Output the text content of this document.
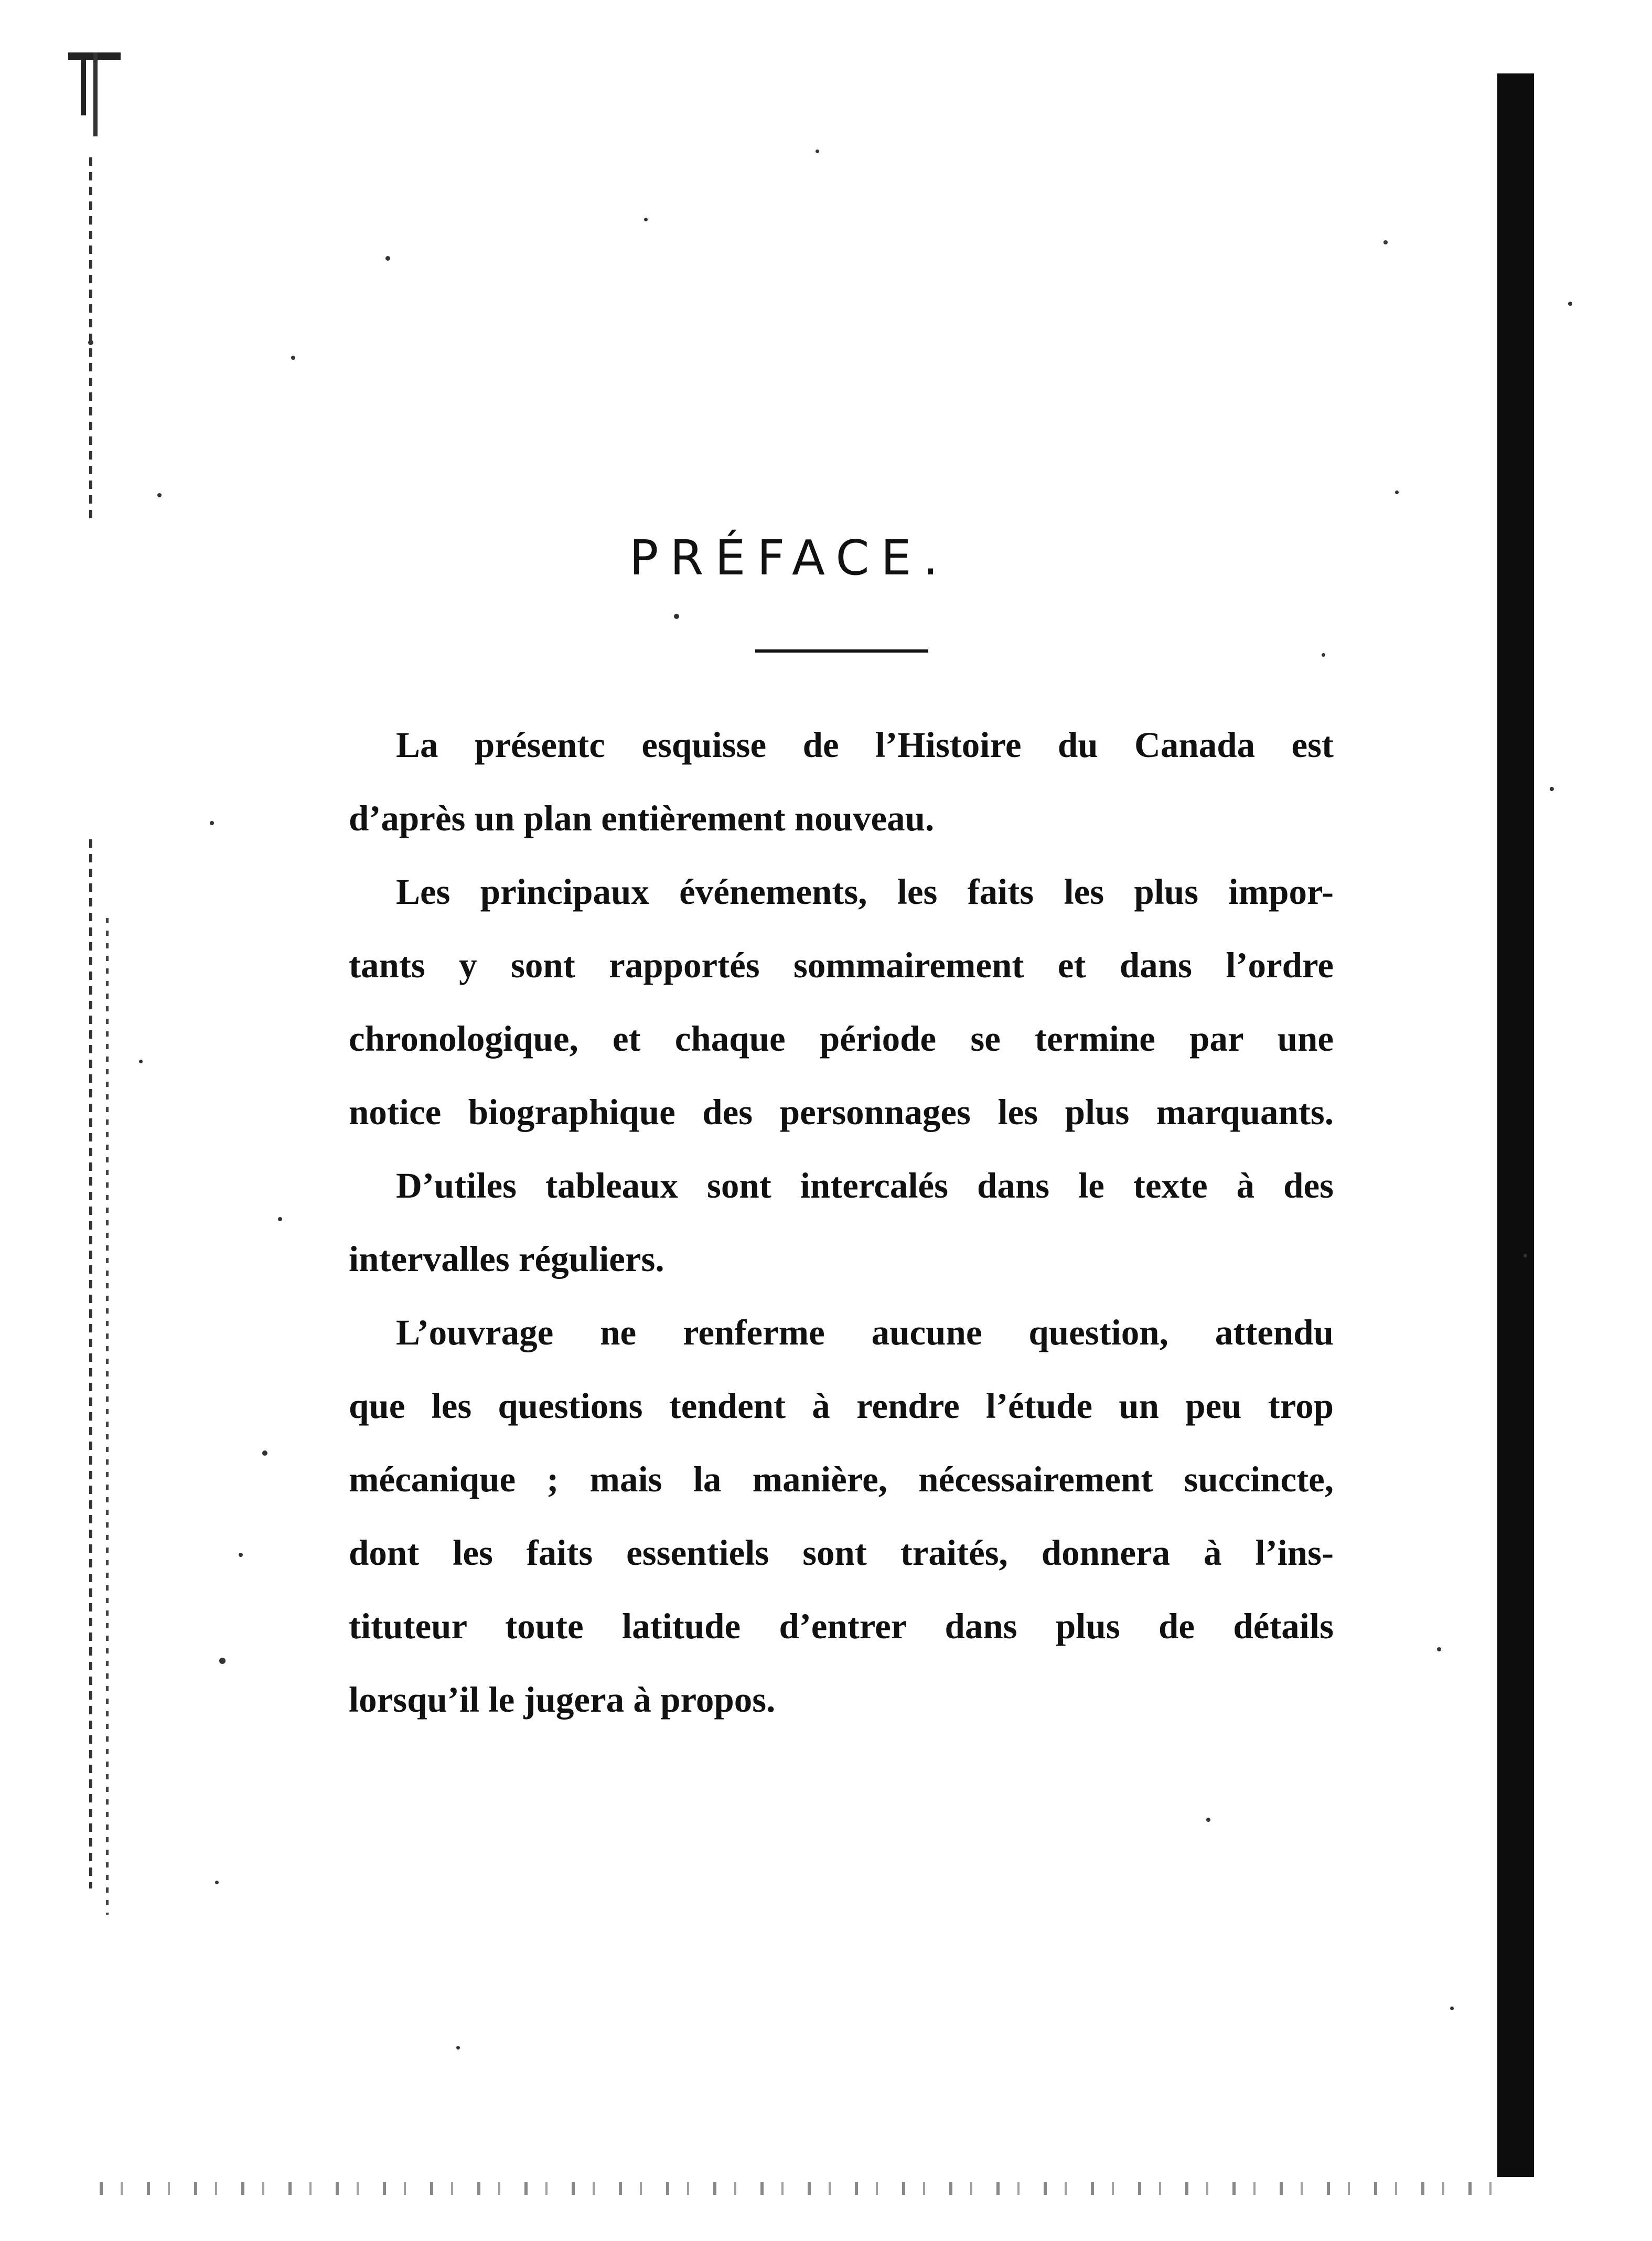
PRÉFACE.
La présentc esquisse de l’Histoire du Canada est
d’après un plan entièrement nouveau.
Les principaux événements, les faits les plus impor-
tants y sont rapportés sommairement et dans l’ordre
chronologique, et chaque période se termine par une
notice biographique des personnages les plus marquants.
D’utiles tableaux sont intercalés dans le texte à des
intervalles réguliers.
L’ouvrage ne renferme aucune question, attendu
que les questions tendent à rendre l’étude un peu trop
mécanique ; mais la manière, nécessairement succincte,
dont les faits essentiels sont traités, donnera à l’ins-
tituteur toute latitude d’entrer dans plus de détails
lorsqu’il le jugera à propos.
